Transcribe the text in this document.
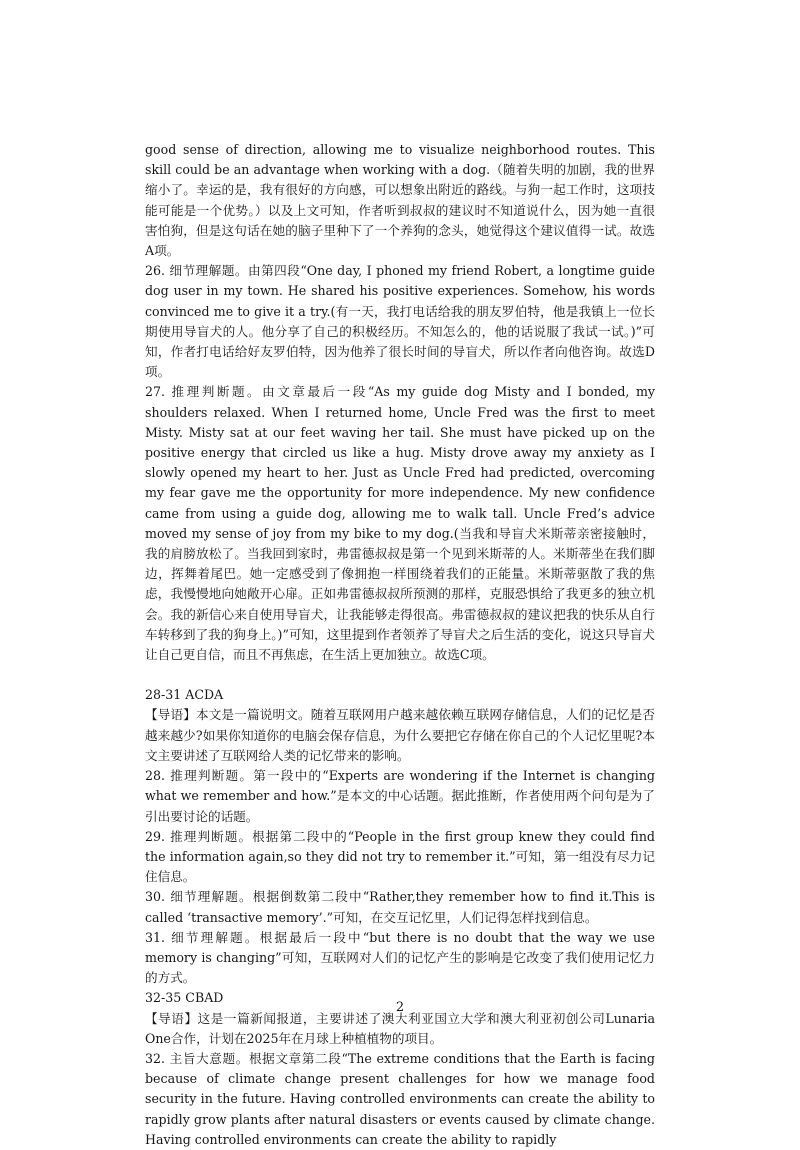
good sense of direction, allowing me to visualize neighborhood routes. This skill could be an advantage when working with a dog.（随着失明的加剧，我的世界缩小了。幸运的是，我有很好的方向感，可以想象出附近的路线。与狗一起工作时，这项技能可能是一个优势。）以及上文可知，作者听到叔叔的建议时不知道说什么，因为她一直很害怕狗，但是这句话在她的脑子里种下了一个养狗的念头，她觉得这个建议值得一试。故选A项。

26. 细节理解题。由第四段“One day, I phoned my friend Robert, a longtime guide dog user in my town. He shared his positive experiences. Somehow, his words convinced me to give it a try.(有一天，我打电话给我的朋友罗伯特，他是我镇上一位长期使用导盲犬的人。他分享了自己的积极经历。不知怎么的，他的话说服了我试一试。)”可知，作者打电话给好友罗伯特，因为他养了很长时间的导盲犬，所以作者向他咨询。故选D项。

27. 推理判断题。由文章最后一段“As my guide dog Misty and I bonded, my shoulders relaxed. When I returned home, Uncle Fred was the first to meet Misty. Misty sat at our feet waving her tail. She must have picked up on the positive energy that circled us like a hug. Misty drove away my anxiety as I slowly opened my heart to her. Just as Uncle Fred had predicted, overcoming my fear gave me the opportunity for more independence. My new confidence came from using a guide dog, allowing me to walk tall. Uncle Fred’s advice moved my sense of joy from my bike to my dog.(当我和导盲犬米斯蒂亲密接触时，我的肩膀放松了。当我回到家时，弗雷德叔叔是第一个见到米斯蒂的人。米斯蒂坐在我们脚边，挥舞着尾巴。她一定感受到了像拥抱一样围绕着我们的正能量。米斯蒂驱散了我的焦虑，我慢慢地向她敞开心扉。正如弗雷德叔叔所预测的那样，克服恐惧给了我更多的独立机会。我的新信心来自使用导盲犬，让我能够走得很高。弗雷德叔叔的建议把我的快乐从自行车转移到了我的狗身上。)”可知，这里提到作者领养了导盲犬之后生活的变化，说这只导盲犬让自己更自信，而且不再焦虑，在生活上更加独立。故选C项。

28-31 ACDA

【导语】本文是一篇说明文。随着互联网用户越来越依赖互联网存储信息，人们的记忆是否越来越少?如果你知道你的电脑会保存信息，为什么要把它存储在你自己的个人记忆里呢?本文主要讲述了互联网给人类的记忆带来的影响。

28. 推理判断题。第一段中的“Experts are wondering if the Internet is changing what we remember and how.”是本文的中心话题。据此推断，作者使用两个问句是为了引出要讨论的话题。

29. 推理判断题。根据第二段中的“People in the first group knew they could find the information again,so they did not try to remember it.”可知，第一组没有尽力记住信息。

30. 细节理解题。根据倒数第二段中“Rather,they remember how to find it.This is called ‘transactive memory’.”可知，在交互记忆里，人们记得怎样找到信息。

31. 细节理解题。根据最后一段中“but there is no doubt that the way we use memory is changing”可知，互联网对人们的记忆产生的影响是它改变了我们使用记忆力的方式。

32-35 CBAD

【导语】这是一篇新闻报道，主要讲述了澳大利亚国立大学和澳大利亚初创公司Lunaria One合作，计划在2025年在月球上种植植物的项目。

32. 主旨大意题。根据文章第二段“The extreme conditions that the Earth is facing because of climate change present challenges for how we manage food security in the future. Having controlled environments can create the ability to rapidly grow plants after natural disasters or events caused by climate change. Having controlled environments can create the ability to rapidly

2
